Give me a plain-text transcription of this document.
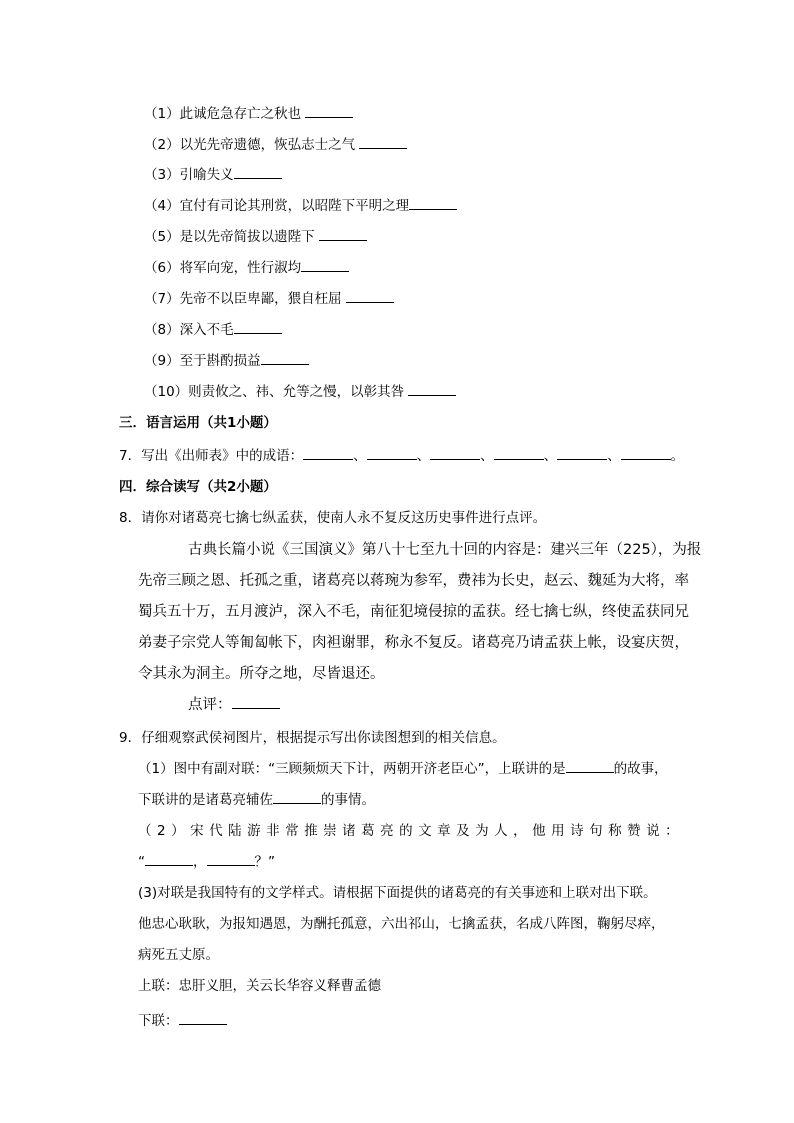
（1）此诚危急存亡之秋也
（2）以光先帝遗德，恢弘志士之气
（3）引喻失义
（4）宜付有司论其刑赏，以昭陛下平明之理
（5）是以先帝简拔以遗陛下
（6）将军向宠，性行淑均
（7）先帝不以臣卑鄙，猥自枉屈
（8）深入不毛
（9）至于斟酌损益
（10）则责攸之、祎、允等之慢，以彰其咎
三．语言运用（共1小题）
7．写出《出师表》中的成语：	、	、	、	、	、	。
四．综合读写（共2小题）
8．请你对诸葛亮七擒七纵孟获，使南人永不复反这历史事件进行点评。
古典长篇小说《三国演义》第八十七至九十回的内容是：建兴三年（225），为报
先帝三顾之恩、托孤之重，诸葛亮以蒋琬为参军，费祎为长史，赵云、魏延为大将，率
蜀兵五十万，五月渡泸，深入不毛，南征犯境侵掠的孟获。经七擒七纵，终使孟获同兄
弟妻子宗党人等匍匐帐下，肉袒谢罪，称永不复反。诸葛亮乃请孟获上帐，设宴庆贺，
令其永为洞主。所夺之地，尽皆退还。
点评：
9．仔细观察武侯祠图片，根据提示写出你读图想到的相关信息。
（1）图中有副对联：“三顾频烦天下计，两朝开济老臣心”，上联讲的是	的故事，
下联讲的是诸葛亮辅佐	的事情。
（2）宋代陆游非常推崇诸葛亮的文章及为人，他用诗句称赞说：
“	，	？”
(3)对联是我国特有的文学样式。请根据下面提供的诸葛亮的有关事迹和上联对出下联。
他忠心耿耿，为报知遇恩，为酬托孤意，六出祁山，七擒孟获，名成八阵图，鞠躬尽瘁，
病死五丈原。
上联：忠肝义胆，关云长华容义释曹孟德
下联：
